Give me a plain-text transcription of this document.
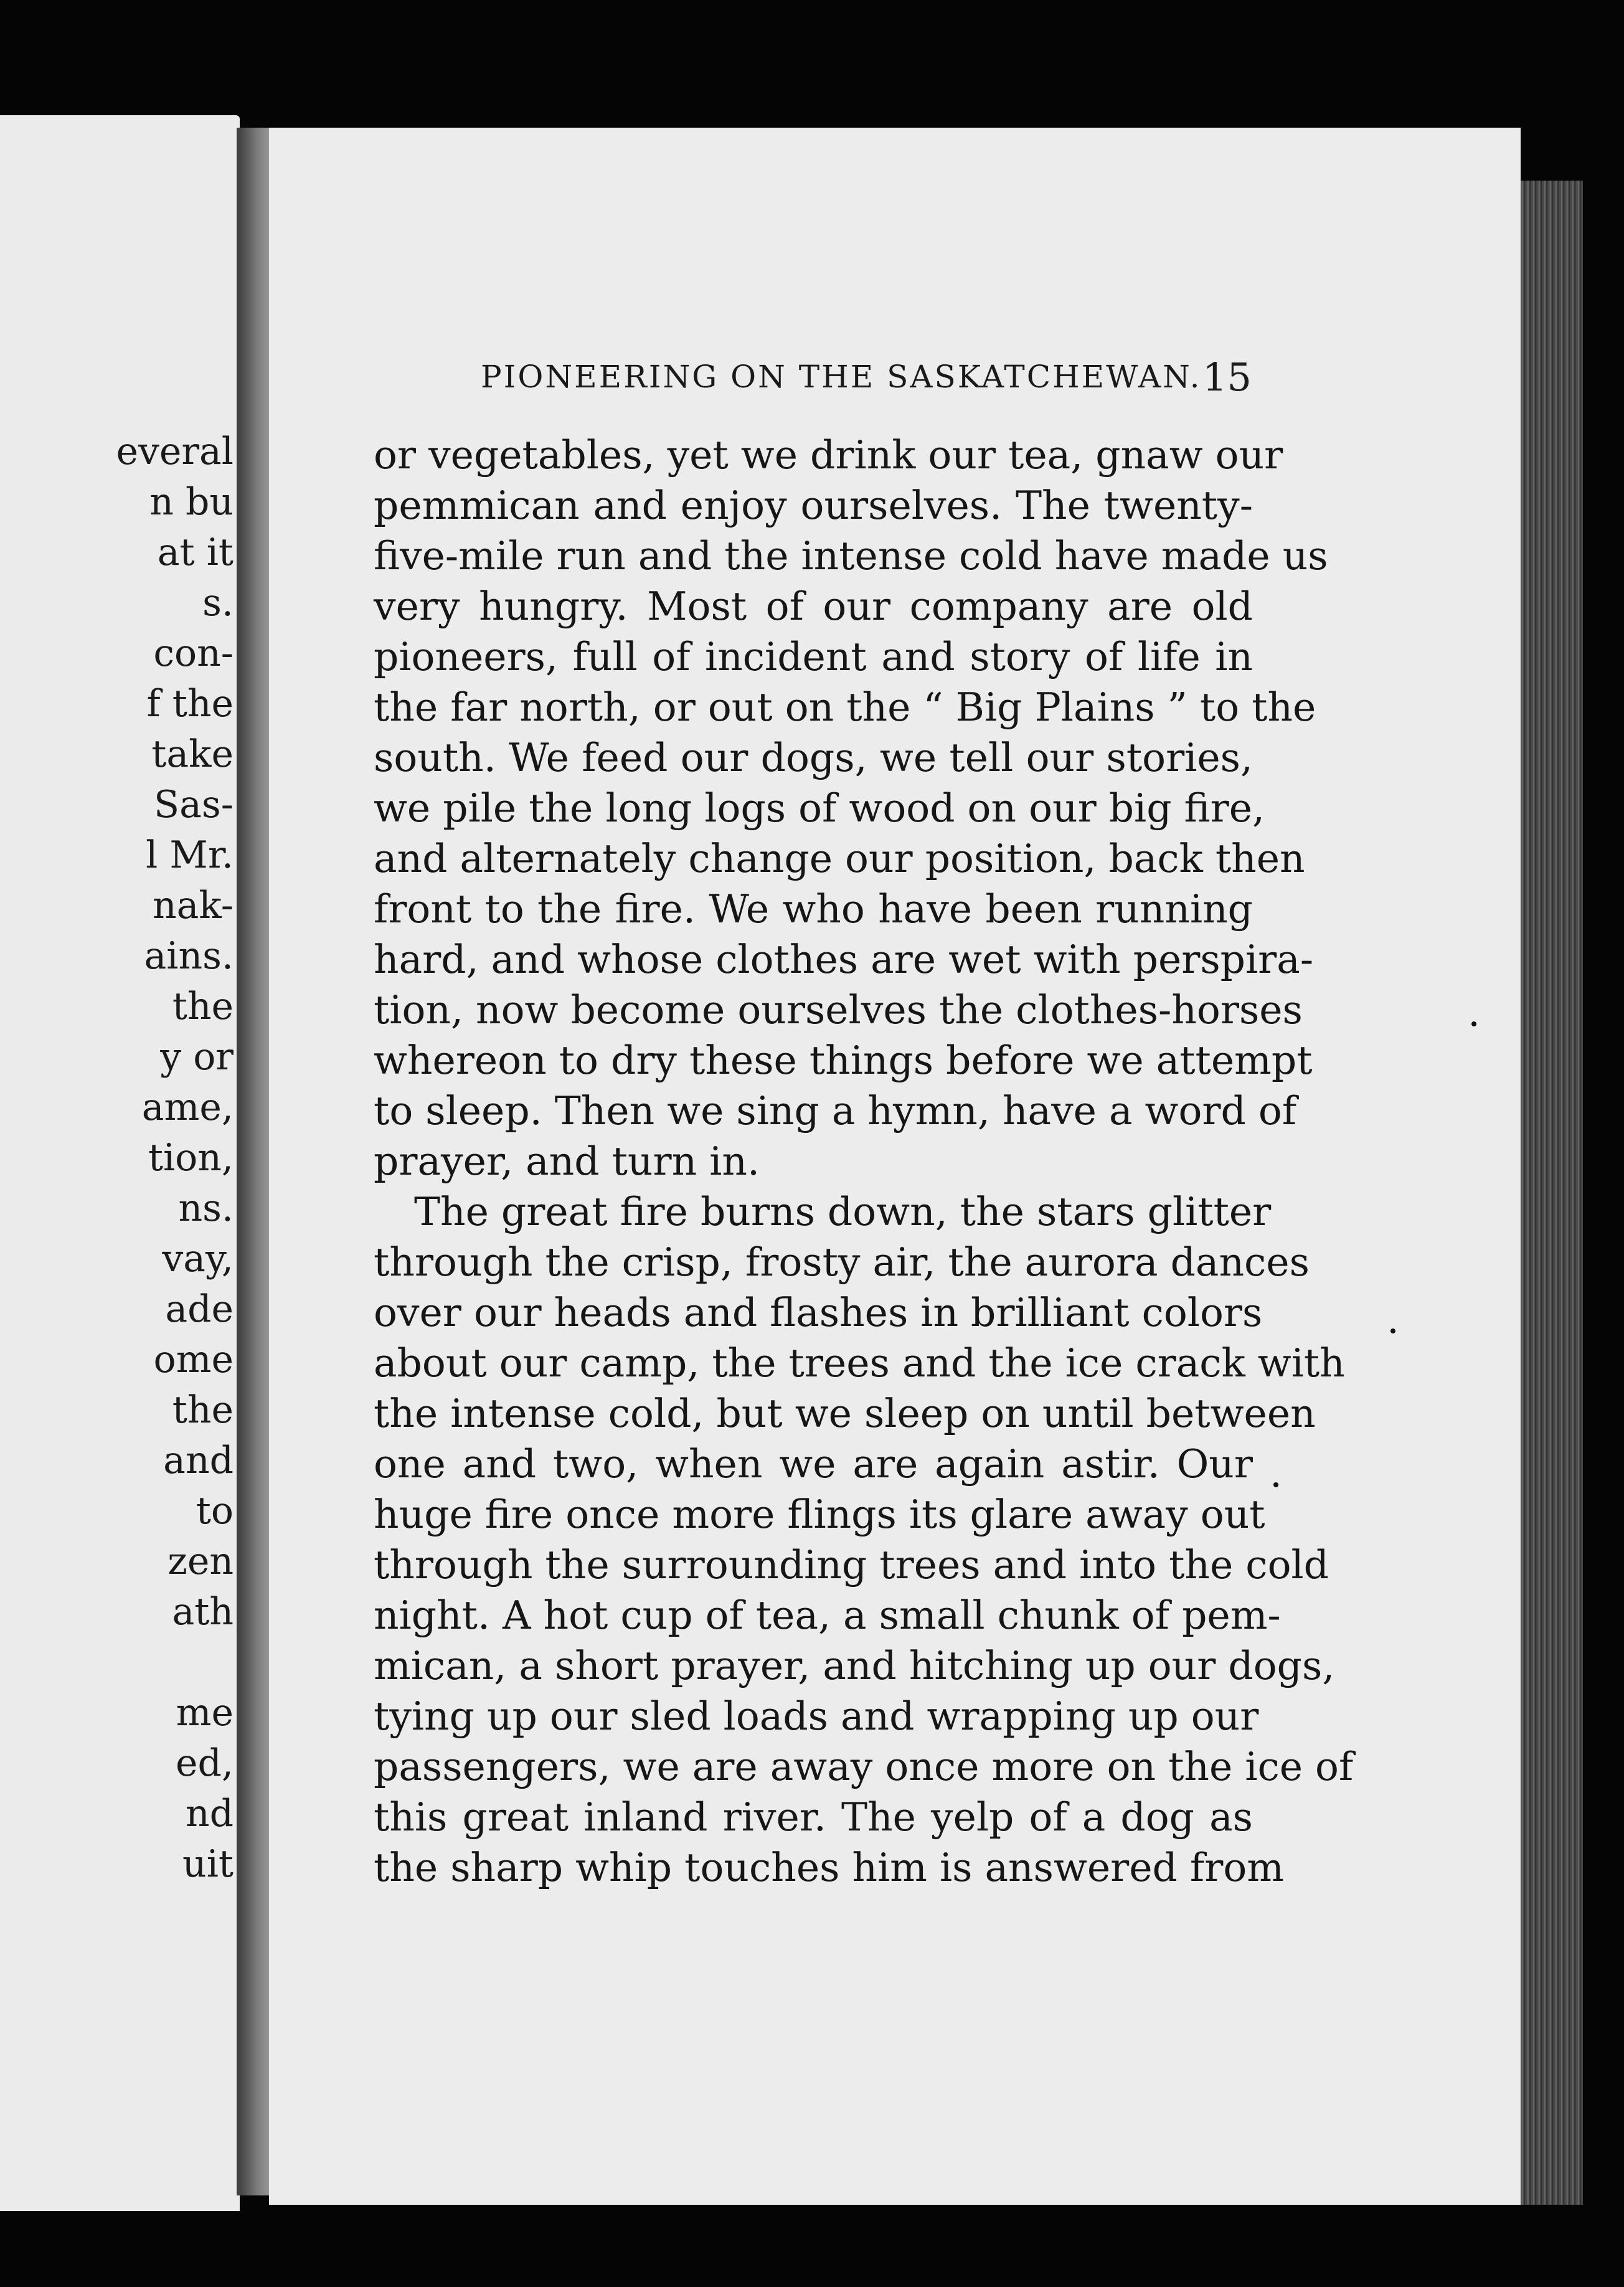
everal
n bu
at it
s.
con-
f the
take
Sas-
l Mr.
nak-
ains.
the
y or
ame,
tion,
ns.
vay,
ade
ome
the
and
to
zen
ath
me
ed,
nd
uit
PIONEERING ON THE SASKATCHEWAN. 15
or vegetables, yet we drink our tea, gnaw our
pemmican and enjoy ourselves. The twenty-
five-mile run and the intense cold have made us
very hungry. Most of our company are old
pioneers, full of incident and story of life in
the far north, or out on the “ Big Plains ” to the
south. We feed our dogs, we tell our stories,
we pile the long logs of wood on our big fire,
and alternately change our position, back then
front to the fire. We who have been running
hard, and whose clothes are wet with perspira-
tion, now become ourselves the clothes-horses
whereon to dry these things before we attempt
to sleep. Then we sing a hymn, have a word of
prayer, and turn in.
The great fire burns down, the stars glitter
through the crisp, frosty air, the aurora dances
over our heads and flashes in brilliant colors
about our camp, the trees and the ice crack with
the intense cold, but we sleep on until between
one and two, when we are again astir. Our
huge fire once more flings its glare away out
through the surrounding trees and into the cold
night. A hot cup of tea, a small chunk of pem-
mican, a short prayer, and hitching up our dogs,
tying up our sled loads and wrapping up our
passengers, we are away once more on the ice of
this great inland river. The yelp of a dog as
the sharp whip touches him is answered from
